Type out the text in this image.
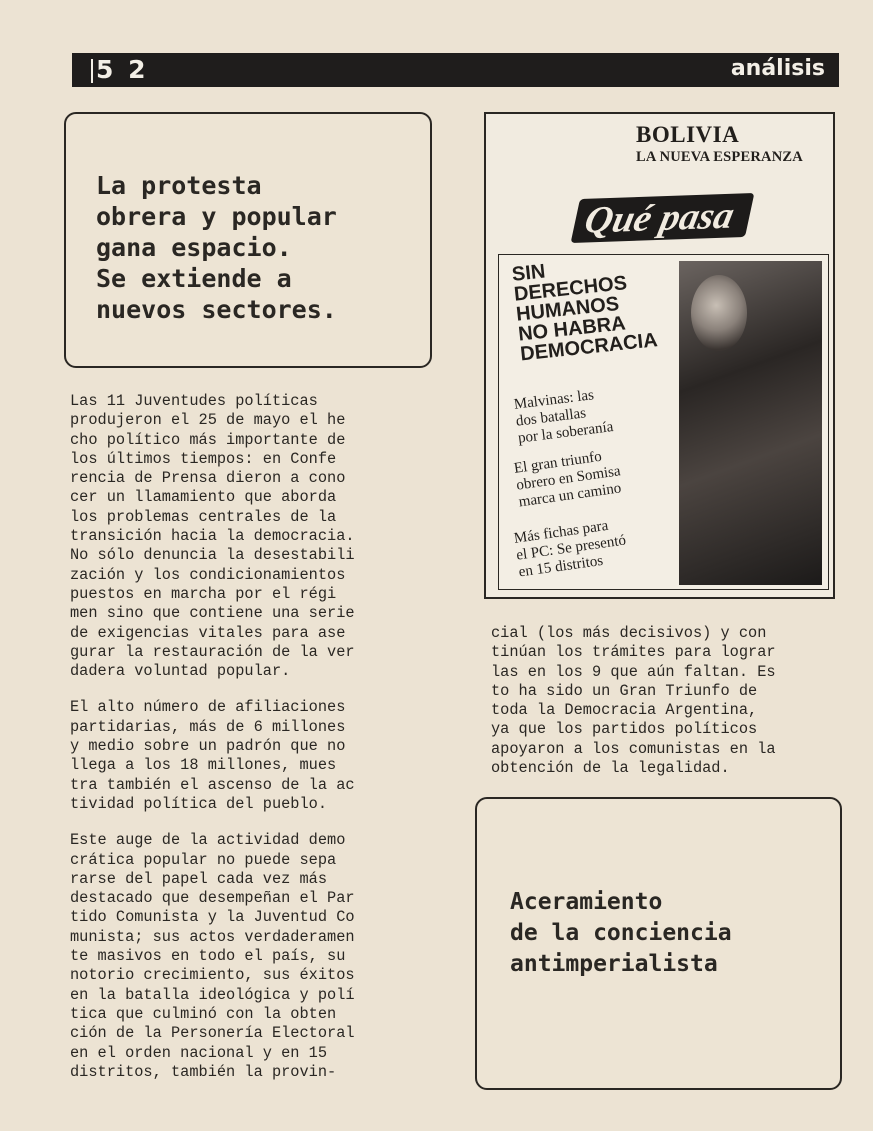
5 2	análisis
La protesta
obrera y popular
gana espacio.
Se extiende a
nuevos sectores.

Las 11 Juventudes políticas
produjeron el 25 de mayo el he
cho político más importante de
los últimos tiempos: en Confe
rencia de Prensa dieron a cono
cer un llamamiento que aborda
los problemas centrales de la
transición hacia la democracia.
No sólo denuncia la desestabili
zación y los condicionamientos
puestos en marcha por el régi
men sino que contiene una serie
de exigencias vitales para ase
gurar la restauración de la ver
dadera voluntad popular.

El alto número de afiliaciones
partidarias, más de 6 millones
y medio sobre un padrón que no
llega a los 18 millones, mues
tra también el ascenso de la ac
tividad política del pueblo.

Este auge de la actividad demo
crática popular no puede sepa
rarse del papel cada vez más
destacado que desempeñan el Par
tido Comunista y la Juventud Co
munista; sus actos verdaderamen
te masivos en todo el país, su
notorio crecimiento, sus éxitos
en la batalla ideológica y polí
tica que culminó con la obten
ción de la Personería Electoral
en el orden nacional y en 15
distritos, también la provin-

Qué pasa
BOLIVIA
LA NUEVA ESPERANZA
SIN
DERECHOS
HUMANOS
NO HABRA
DEMOCRACIA
Malvinas: las
dos batallas
por la soberanía
El gran triunfo
obrero en Somisa
marca un camino
Más fichas para
el PC: Se presentó
en 15 distritos

cial (los más decisivos) y con
tinúan los trámites para lograr
las en los 9 que aún faltan. Es
to ha sido un Gran Triunfo de
toda la Democracia Argentina,
ya que los partidos políticos
apoyaron a los comunistas en la
obtención de la legalidad.

Aceramiento
de la conciencia
antimperialista
